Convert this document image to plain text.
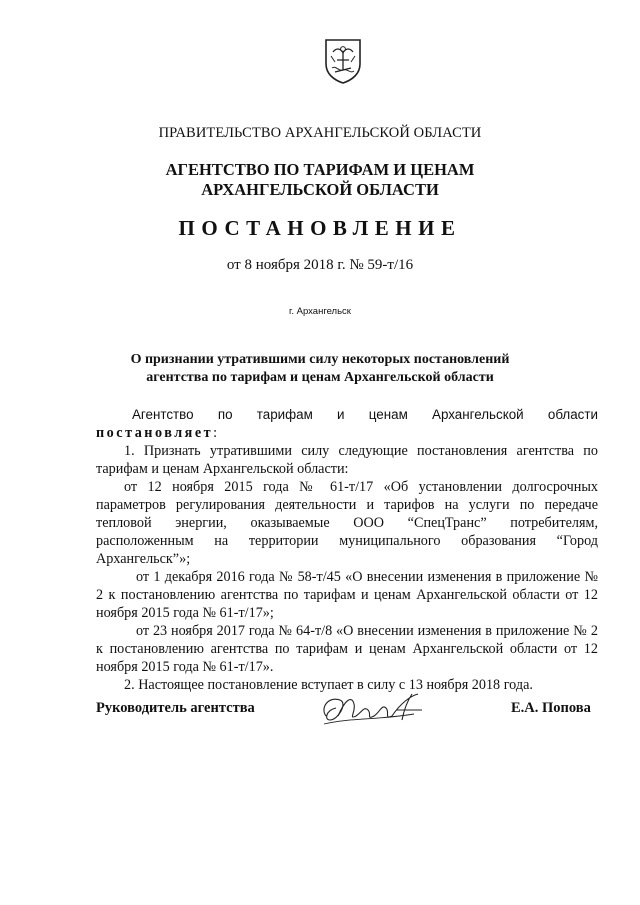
ПРАВИТЕЛЬСТВО АРХАНГЕЛЬСКОЙ ОБЛАСТИ
АГЕНТСТВО ПО ТАРИФАМ И ЦЕНАМ
АРХАНГЕЛЬСКОЙ ОБЛАСТИ
ПОСТАНОВЛЕНИЕ
от 8 ноября 2018 г. № 59-т/16
г. Архангельск
О признании утратившими силу некоторых постановлений
агентства по тарифам и ценам Архангельской области

Агентство по тарифам и ценам Архангельской области постановляет:

1. Признать утратившими силу следующие постановления агентства по тарифам и ценам Архангельской области:

от 12 ноября 2015 года № 61-т/17 «Об установлении долгосрочных параметров регулирования деятельности и тарифов на услуги по передаче тепловой энергии, оказываемые ООО “СпецТранс” потребителям, расположенным на территории муниципального образования “Город Архангельск”»;

от 1 декабря 2016 года № 58-т/45 «О внесении изменения в приложение № 2 к постановлению агентства по тарифам и ценам Архангельской области от 12 ноября 2015 года № 61-т/17»;

от 23 ноября 2017 года № 64-т/8 «О внесении изменения в приложение № 2 к постановлению агентства по тарифам и ценам Архангельской области от 12 ноября 2015 года № 61-т/17».

2. Настоящее постановление вступает в силу с 13 ноября 2018 года.

Руководитель агентства	Е.А. Попова
